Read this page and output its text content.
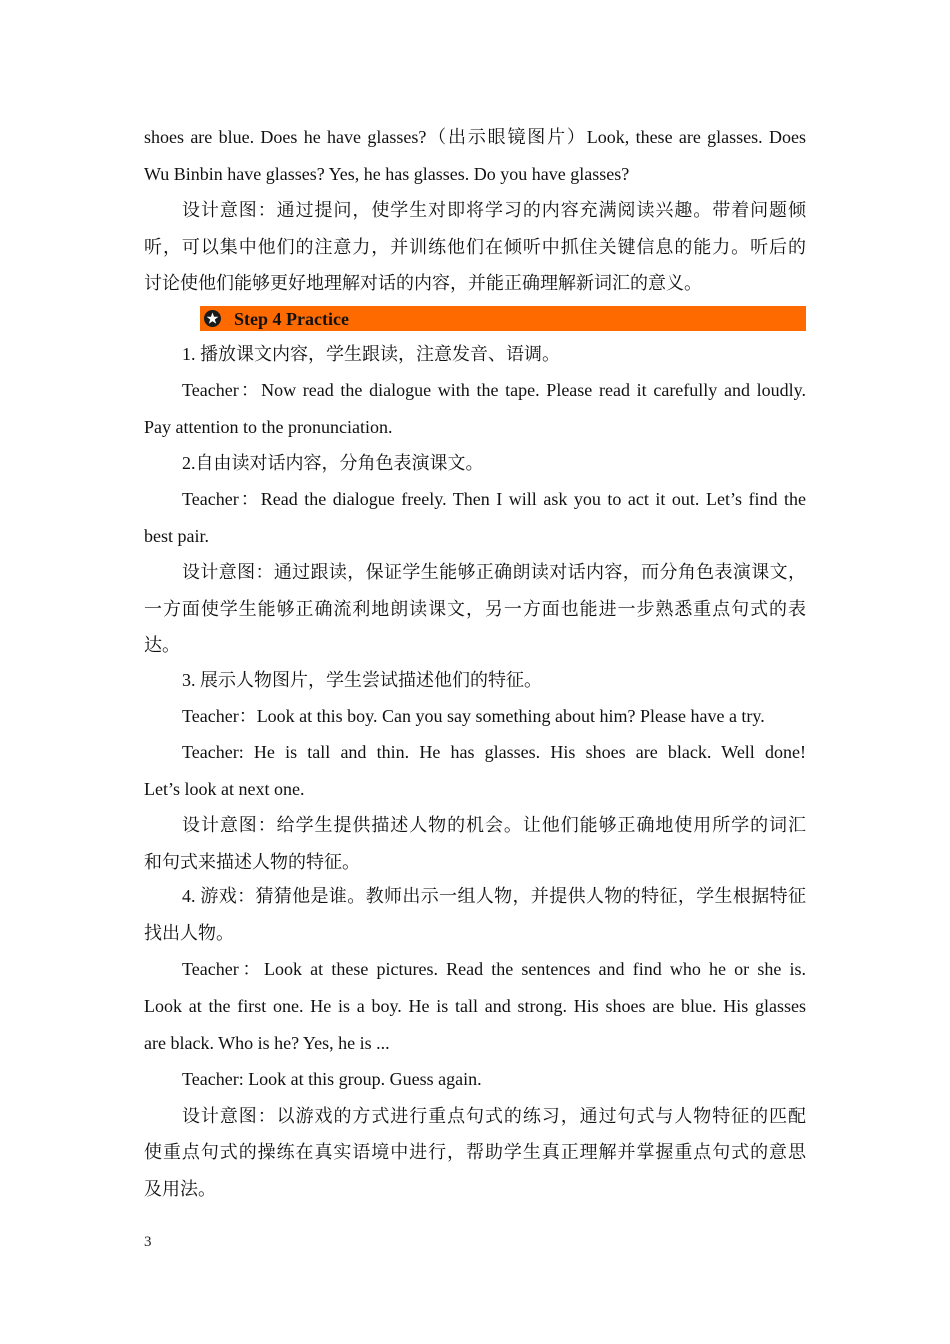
shoes are blue. Does he have glasses?（出示眼镜图片）Look, these are glasses. Does
Wu Binbin have glasses? Yes, he has glasses. Do you have glasses?
设计意图：通过提问，使学生对即将学习的内容充满阅读兴趣。带着问题倾
听，可以集中他们的注意力，并训练他们在倾听中抓住关键信息的能力。听后的
讨论使他们能够更好地理解对话的内容，并能正确理解新词汇的意义。
Step 4 Practice
1. 播放课文内容，学生跟读，注意发音、语调。
Teacher：Now read the dialogue with the tape. Please read it carefully and loudly.
Pay attention to the pronunciation.
2.自由读对话内容，分角色表演课文。
Teacher：Read the dialogue freely. Then I will ask you to act it out. Let’s find the
best pair.
设计意图：通过跟读，保证学生能够正确朗读对话内容，而分角色表演课文，
一方面使学生能够正确流利地朗读课文，另一方面也能进一步熟悉重点句式的表
达。
3. 展示人物图片，学生尝试描述他们的特征。
Teacher：Look at this boy. Can you say something about him? Please have a try.
Teacher: He is tall and thin. He has glasses. His shoes are black. Well done!
Let’s look at next one.
设计意图：给学生提供描述人物的机会。让他们能够正确地使用所学的词汇
和句式来描述人物的特征。
4. 游戏：猜猜他是谁。教师出示一组人物，并提供人物的特征，学生根据特征
找出人物。
Teacher：Look at these pictures. Read the sentences and find who he or she is.
Look at the first one. He is a boy. He is tall and strong. His shoes are blue. His glasses
are black. Who is he? Yes, he is ...
Teacher: Look at this group. Guess again.
设计意图：以游戏的方式进行重点句式的练习，通过句式与人物特征的匹配
使重点句式的操练在真实语境中进行，帮助学生真正理解并掌握重点句式的意思
及用法。
3
